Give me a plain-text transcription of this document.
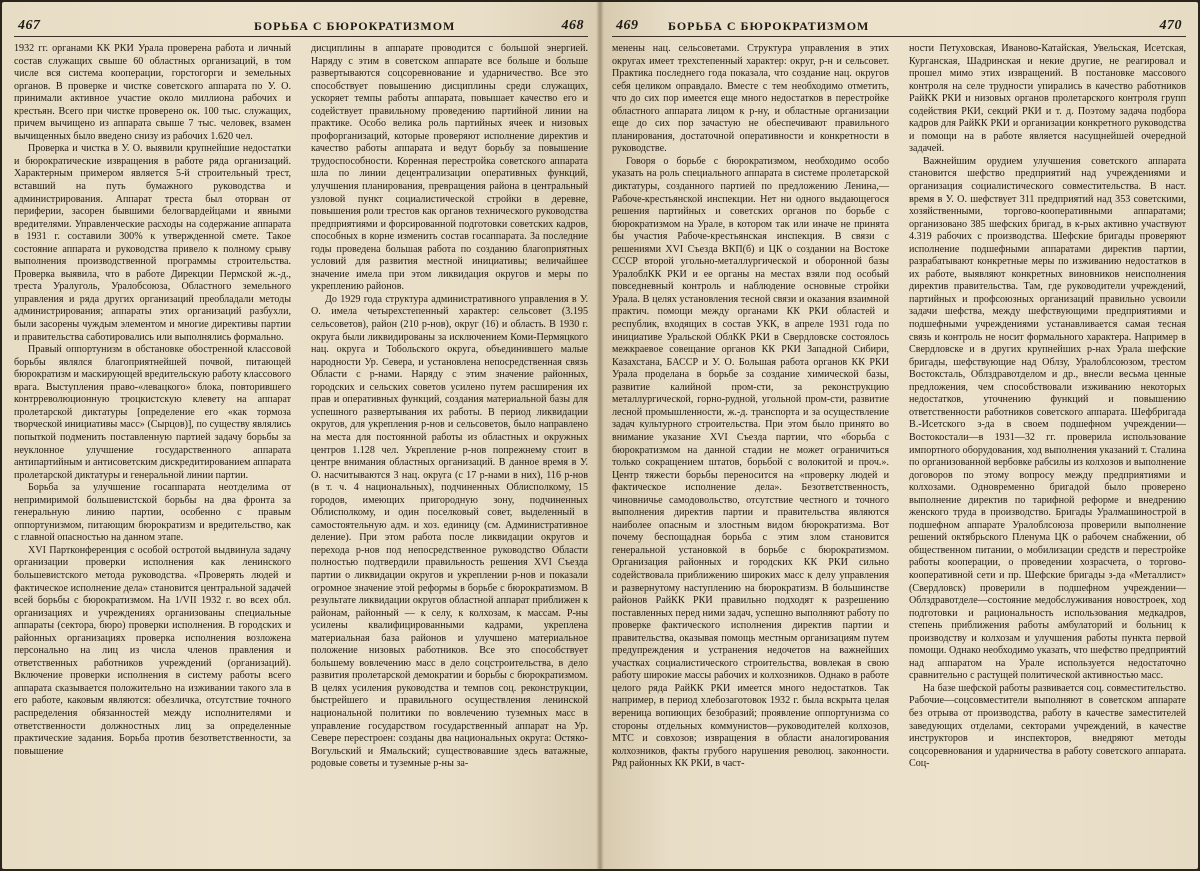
467	БОРЬБА С БЮРОКРАТИЗМОМ	468

1932 гг. органами КК РКИ Урала проверена работа и личный состав служащих свыше 60 областных организаций, в том числе вся система кооперации, горстогорги и земельных органов. В проверке и чистке советского аппарата по У. О. принимали активное участие около миллиона рабочих и крестьян. Всего при чистке проверено ок. 100 тыс. служащих, причем вычищено из аппарата свыше 7 тыс. человек, взамен вычищенных было введено снизу из рабочих 1.620 чел.

Проверка и чистка в У. О. выявили крупнейшие недостатки и бюрократические извращения в работе ряда организаций. Характерным примером является 5-й строительный трест, вставший на путь бумажного руководства и администрирования. Аппарат треста был оторван от периферии, засорен бывшими белогвардейцами и явными вредителями. Управленческие расходы на содержание аппарата в 1931 г. составили 300% к утвержденной смете. Такое состояние аппарата и руководства привело к полному срыву выполнения производственной программы строительства. Проверка выявила, что в работе Дирекции Пермской ж.-д., треста Уралуголь, Уралобсоюза, Областного земельного управления и ряда других организаций преобладали методы администрирования; аппараты этих организаций разбухли, были засорены чуждым элементом и многие директивы партии и правительства саботировались или выполнялись формально.

Правый оппортунизм в обстановке обостренной классовой борьбы являлся благоприятнейшей почвой, питающей бюрократизм и маскирующей вредительскую работу классового врага. Выступления право-«левацкого» блока, повторившего контрреволюционную троцкистскую клевету на аппарат пролетарской диктатуры [определение его «как тормоза творческой инициативы масс» (Сырцов)], по существу являлись попыткой подменить поставленную партией задачу борьбы за неуклонное улучшение государственного аппарата антипартийным и антисоветским дискредитированием аппарата пролетарской диктатуры и генеральной линии партии.

Борьба за улучшение госаппарата неотделима от непримиримой большевистской борьбы на два фронта за генеральную линию партии, особенно с правым оппортунизмом, питающим бюрократизм и вредительство, как с главной опасностью на данном этапе.

XVI Партконференция с особой остротой выдвинула задачу организации проверки исполнения как ленинского большевистского метода руководства. «Проверять людей и фактическое исполнение дела» становится центральной задачей всей борьбы с бюрократизмом. На 1/VII 1932 г. во всех обл. организациях и учреждениях организованы специальные аппараты (сектора, бюро) проверки исполнения. В городских и районных организациях проверка исполнения возложена персонально на лиц из числа членов правления и ответственных работников учреждений (организаций). Включение проверки исполнения в систему работы всего аппарата сказывается положительно на изживании такого зла в его работе, каковым являются: обезличка, отсутствие точного распределения обязанностей между исполнителями и ответственности должностных лиц за определенные практические задания. Борьба против безответственности, за повышение

дисциплины в аппарате проводится с большой энергией. Наряду с этим в советском аппарате все больше и больше развертываются соцсоревнование и ударничество. Все это способствует повышению дисциплины среди служащих, ускоряет темпы работы аппарата, повышает качество его и содействует правильному проведению партийной линии на практике. Особо велика роль партийных ячеек и низовых профорганизаций, которые проверяют исполнение директив и качество работы аппарата и ведут борьбу за повышение трудоспособности. Коренная перестройка советского аппарата шла по линии децентрализации оперативных функций, улучшения планирования, превращения района в центральный узловой пункт социалистической стройки в деревне, повышения роли трестов как органов технического руководства предприятиями и форсированной подготовки советских кадров, способных в корне изменить состав госаппарата. За последние годы проведена большая работа по созданию благоприятных условий для развития местной инициативы; величайшее значение имела при этом ликвидация округов и меры по укреплению районов.

До 1929 года структура административного управления в У. О. имела четырехстепенный характер: сельсовет (3.195 сельсоветов), район (210 р-нов), округ (16) и область. В 1930 г. округа были ликвидированы за исключением Коми-Пермяцкого нац. округа и Тобольского округа, объединившего малые народности Ур. Севера, и установлена непосредственная связь Области с р-нами. Наряду с этим значение районных, городских и сельских советов усилено путем расширения их прав и оперативных функций, создания материальной базы для успешного развертывания их работы. В период ликвидации округов, для укрепления р-нов и сельсоветов, было направлено на места для постоянной работы из областных и окружных центров 1.128 чел. Укрепление р-нов попрежнему стоит в центре внимания областных организаций. В данное время в У. О. насчитываются 3 нац. округа (с 17 р-нами в них), 116 р-нов (в т. ч. 4 национальных), подчиненных Облисполкому, 15 городов, имеющих пригородную зону, подчиненных Облисполкому, и один поселковый совет, выделенный в самостоятельную адм. и хоз. единицу (см. Административное деление). При этом работа после ликвидации округов и перехода р-нов под непосредственное руководство Области полностью подтвердили правильность решения XVI Съезда партии о ликвидации округов и укреплении р-нов и показали огромное значение этой реформы в борьбе с бюрократизмом. В результате ликвидации округов областной аппарат приближен к районам, районный — к селу, к колхозам, к массам. Р-ны усилены квалифицированными кадрами, укреплена материальная база районов и улучшено материальное положение низовых работников. Все это способствует большему вовлечению масс в дело соцстроительства, в дело развития пролетарской демократии и борьбы с бюрократизмом. В целях усиления руководства и темпов соц. реконструкции, быстрейшего и правильного осуществления ленинской национальной политики по вовлечению туземных масс в управление государством государственный аппарат на Ур. Севере перестроен: созданы два национальных округа: Остяко-Вогульский и Ямальский; существовавшие здесь ватажные, родовые советы и туземные р-ны за-

469 БОРЬБА С БЮРОКРАТИЗМОМ	470

менены нац. сельсоветами. Структура управления в этих округах имеет трехстепенный характер: округ, р-н и сельсовет. Практика последнего года показала, что создание нац. округов себя целиком оправдало. Вместе с тем необходимо отметить, что до сих пор имеется еще много недостатков в перестройке областного аппарата лицом к р-ну, и областные организации еще до сих пор зачастую не обеспечивают правильного планирования, достаточной оперативности и конкретности в руководстве.

Говоря о борьбе с бюрократизмом, необходимо особо указать на роль специального аппарата в системе пролетарской диктатуры, созданного партией по предложению Ленина,— Рабоче-крестьянской инспекции. Нет ни одного выдающегося решения партийных и советских органов по борьбе с бюрократизмом на Урале, в котором так или иначе не принята бы участия Рабоче-крестьянская инспекция. В связи с решениями XVI Съезда ВКП(б) и ЦК о создании на Востоке СССР второй угольно-металлургической и оборонной базы УралоблКК РКИ и ее органы на местах взяли под особый повседневный контроль и наблюдение основные стройки Урала. В целях установления тесной связи и оказания взаимной практич. помощи между органами КК РКИ областей и республик, входящих в состав УКК, в апреле 1931 года по инициативе Уральской ОблКК РКИ в Свердловске состоялось межкраевое совещание органов КК РКИ Западной Сибири, Казахстана, БАССР и У. О. Большая работа органов КК РКИ Урала проделана в борьбе за создание химической базы, развитие калийной пром-сти, за реконструкцию металлургической, горно-рудной, угольной пром-сти, развитие лесной промышленности, ж.-д. транспорта и за осуществление задач культурного строительства. При этом было принято во внимание указание XVI Съезда партии, что «борьба с бюрократизмом на данной стадии не может ограничиться только сокращением штатов, борьбой с волокитой и проч.». Центр тяжести борьбы переносится на «проверку людей и фактическое исполнение дела». Безответственность, чиновничье самодовольство, отсутствие честного и точного выполнения директив партии и правительства являются наиболее опасным и злостным видом бюрократизма. Вот почему беспощадная борьба с этим злом становится генеральной установкой в борьбе с бюрократизмом. Организация районных и городских КК РКИ сильно содействовала приближению широких масс к делу управления и развернутому наступлению на бюрократизм. В большинстве районов РайКК РКИ правильно подходят к разрешению поставленных перед ними задач, успешно выполняют работу по проверке фактического исполнения директив партии и правительства, оказывая помощь местным организациям путем предупреждения и устранения недочетов на важнейших участках социалистического строительства, вовлекая в свою работу широкие массы рабочих и колхозников. Однако в работе целого ряда РайКК РКИ имеется много недостатков. Так например, в период хлебозаготовок 1932 г. была вскрыта целая вереница вопиющих безобразий; проявление оппортунизма со стороны отдельных коммунистов—руководителей колхозов, МТС и совхозов; извращения в области аналогирования колхозников, факты грубого нарушения революц. законности. Ряд районных КК РКИ, в част-

ности Петуховская, Иваново-Катайская, Увельская, Исетская, Курганская, Шадринская и некие другие, не реагировал и прошел мимо этих извращений. В постановке массового контроля на селе трудности упирались в качество работников РайКК РКИ и низовых органов пролетарского контроля групп содействия РКИ, секций РКИ и т. д. Поэтому задача подбора кадров для РайКК РКИ и организации конкретного руководства и помощи на в работе является насущнейшей очередной задачей.

Важнейшим орудием улучшения советского аппарата становится шефство предприятий над учреждениями и организация социалистического совместительства. В наст. время в У. О. шефствует 311 предприятий над 353 советскими, хозяйственными, торгово-кооперативными аппаратами; организовано 385 шефских бригад, в к-рых активно участвуют 4.319 рабочих с производства. Шефские бригады проверяют исполнение подшефными аппаратами директив партии, разрабатывают конкретные меры по изживанию недостатков в их работе, выявляют конкретных виновников неисполнения директив правительства. Там, где руководители учреждений, партийных и профсоюзных организаций правильно усвоили задачи шефства, между шефствующими предприятиями и подшефными учреждениями устанавливается самая тесная связь и контроль не носит формального характера. Например в Свердловске и в других крупнейших р-нах Урала шефские бригады, шефствующие над Облзу, Уралоблсоюзом, трестом Востоксталь, Облздравотделом и др., внесли весьма ценные предложения, чем способствовали изживанию некоторых недостатков, уточнению функций и повышению ответственности работников советского аппарата. Шефбригада В.-Исетского з-да в своем подшефном учреждении—Востокостали—в 1931—32 гг. проверила использование импортного оборудования, ход выполнения указаний т. Сталина по организованной вербовке рабсилы из колхозов и выполнение договоров по этому вопросу между предприятиями и колхозами. Одновременно бригадой было проверено выполнение директив по тарифной реформе и внедрению женского труда в производство. Бригады Уралмашинострой в подшефном аппарате Уралоблсоюза проверили выполнение решений октябрьского Пленума ЦК о рабочем снабжении, об общественном питании, о мобилизации средств и перестройке работы кооперации, о проведении хозрасчета, о торгово-кооперативной сети и пр. Шефские бригады з-да «Металлист» (Свердловск) проверили в подшефном учреждении—Облздравотделе—состояние медобслуживания новостроек, ход подготовки и рациональность использования медкадров, степень приближения работы амбулаторий и больниц к производству и колхозам и улучшения работы пункта первой помощи. Однако необходимо указать, что шефство предприятий над аппаратом на Урале используется недостаточно сравнительно с растущей политической активностью масс.

На базе шефской работы развивается соц. совместительство. Рабочие—соцсовместители выполняют в советском аппарате без отрыва от производства, работу в качестве заместителей заведующих отделами, секторами учреждений, в качестве инструкторов и инспекторов, внедряют методы соцсоревнования и ударничества в работу советского аппарата. Соц-
